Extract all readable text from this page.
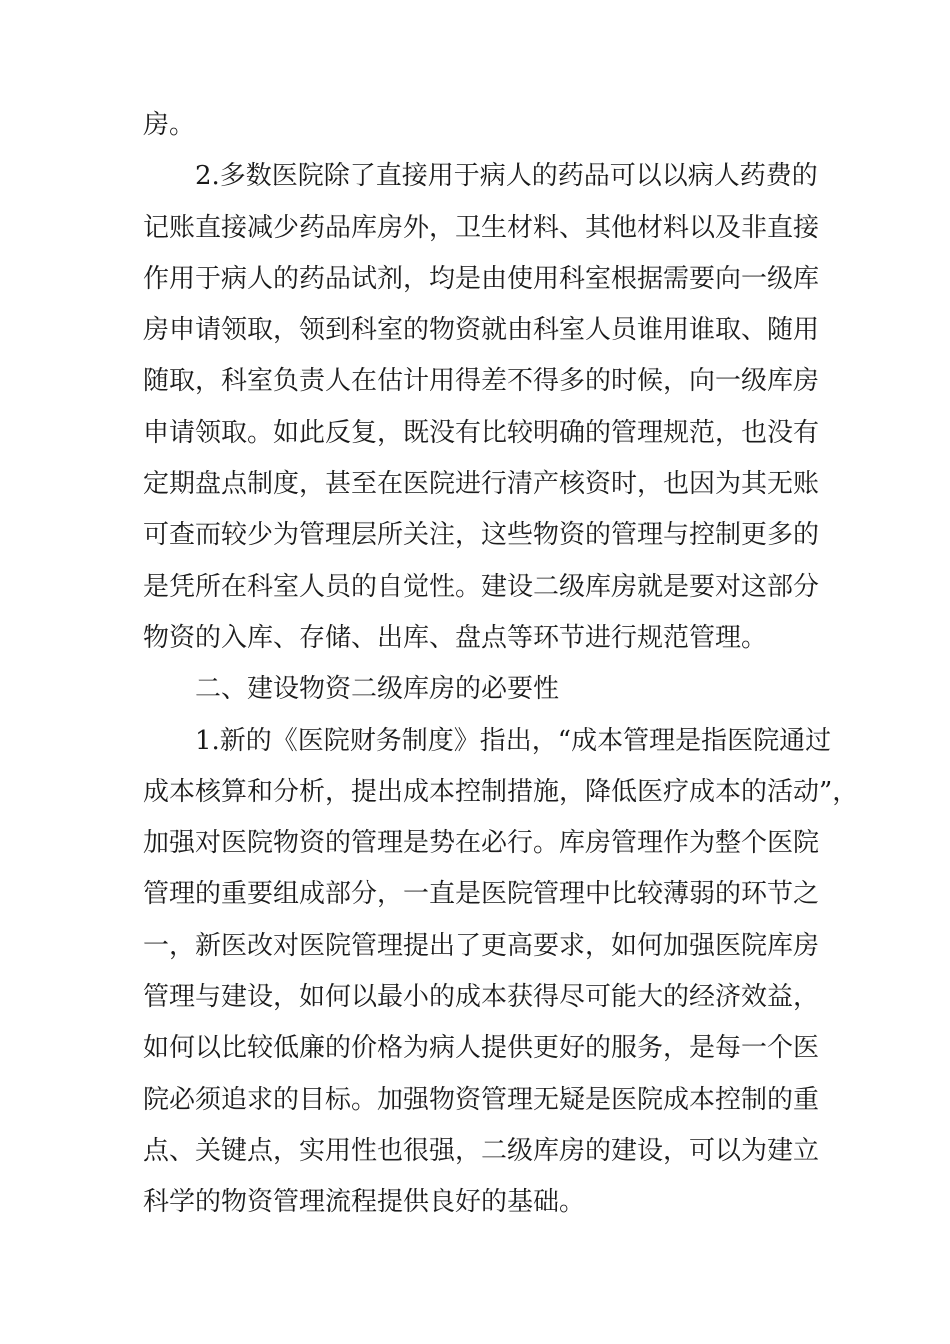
房。
2.多数医院除了直接用于病人的药品可以以病人药费的
记账直接减少药品库房外，卫生材料、其他材料以及非直接
作用于病人的药品试剂，均是由使用科室根据需要向一级库
房申请领取，领到科室的物资就由科室人员谁用谁取、随用
随取，科室负责人在估计用得差不得多的时候，向一级库房
申请领取。如此反复，既没有比较明确的管理规范，也没有
定期盘点制度，甚至在医院进行清产核资时，也因为其无账
可查而较少为管理层所关注，这些物资的管理与控制更多的
是凭所在科室人员的自觉性。建设二级库房就是要对这部分
物资的入库、存储、出库、盘点等环节进行规范管理。
二、建设物资二级库房的必要性
1.新的《医院财务制度》指出，“成本管理是指医院通过
成本核算和分析，提出成本控制措施，降低医疗成本的活动”，
加强对医院物资的管理是势在必行。库房管理作为整个医院
管理的重要组成部分，一直是医院管理中比较薄弱的环节之
一，新医改对医院管理提出了更高要求，如何加强医院库房
管理与建设，如何以最小的成本获得尽可能大的经济效益，
如何以比较低廉的价格为病人提供更好的服务，是每一个医
院必须追求的目标。加强物资管理无疑是医院成本控制的重
点、关键点，实用性也很强，二级库房的建设，可以为建立
科学的物资管理流程提供良好的基础。
